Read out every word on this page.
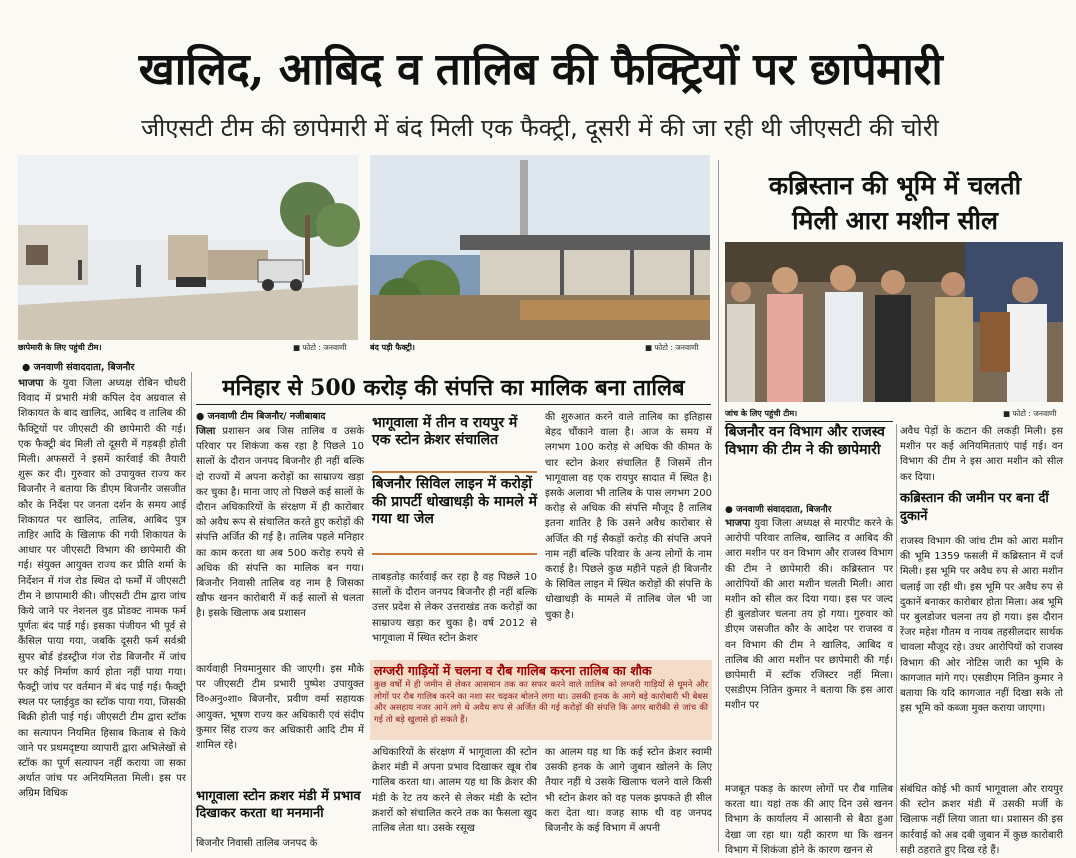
खालिद, आबिद व तालिब की फैक्ट्रियों पर छापेमारी
जीएसटी टीम की छापेमारी में बंद मिली एक फैक्ट्री, दूसरी में की जा रही थी जीएसटी की चोरी
छापेमारी के लिए पहुंची टीम।	■ फोटो : जनवाणी	बंद पड़ी फैक्ट्री।	■ फोटो : जनवाणी
कब्रिस्तान की भूमि में चलती
मिली आरा मशीन सील
जांच के लिए पहुंची टीम।	■ फोटो : जनवाणी
● जनवाणी संवाददाता, बिजनौर
भाजपा के युवा जिला अध्यक्ष रोबिन चौधरी विवाद में प्रभारी मंत्री कपिल देव अग्रवाल से शिकायत के बाद खालिद, आबिद व तालिब की फैक्ट्रियों पर जीएसटी की छापेमारी की गई। एक फैक्ट्री बंद मिली तो दूसरी में गड़बड़ी होती मिली। अफसरों ने इसमें कार्रवाई की तैयारी शुरू कर दी। गुरुवार को उपायुक्त राज्य कर बिजनौर ने बताया कि डीएम बिजनौर जसजीत कौर के निर्देश पर जनता दर्शन के समय आई शिकायत पर खालिद, तालिब, आबिद पुत्र ताहिर आदि के खिलाफ की गयी शिकायत के आधार पर जीएसटी विभाग की छापेमारी की गई। संयुक्त आयुक्त राज्य कर प्रीति शर्मा के निर्देशन में गंज रोड स्थित दो फर्मों में जीएसटी टीम ने छापामारी की। जीएसटी टीम द्वारा जांच किये जाने पर नेशनल वुड प्रोडक्ट नामक फर्म पूर्णतः बंद पाई गई। इसका पंजीयन भी पूर्व से कैंसिल पाया गया, जबकि दूसरी फर्म सर्वश्री सुपर बोर्ड इंडस्ट्रीज गंज रोड बिजनौर में जांच पर कोई निर्माण कार्य होता नहीं पाया गया। फैक्ट्री जांच पर वर्तमान में बंद पाई गई। फैक्ट्री स्थल पर प्लाईवुड का स्टॉक पाया गया, जिसकी बिक्री होती पाई गई। जीएसटी टीम द्वारा स्टॉक का सत्यापन नियमित हिसाब किताब से किये जाने पर प्रथमदृष्टया व्यापारी द्वारा अभिलेखों से स्टॉक का पूर्ण सत्यापन नहीं कराया जा सका अर्थात जांच पर अनियमितता मिली। इस पर अग्रिम विधिक
मनिहार से 500 करोड़ की संपत्ति का मालिक बना तालिब
● जनवाणी टीम बिजनौर/ नजीबाबाद
जिला प्रशासन अब जिस तालिब व उसके परिवार पर शिकंजा कस रहा है पिछले 10 सालों के दौरान जनपद बिजनौर ही नहीं बल्कि दो राज्यों में अपना करोड़ों का साम्राज्य खड़ा कर चुका है। माना जाए तो पिछले कई सालों के दौरान अधिकारियों के संरक्षण में ही कारोबार को अवैध रूप से संचालित करते हुए करोड़ों की संपत्ति अर्जित की गई है। तालिब पहले मनिहार का काम करता था अब 500 करोड़ रुपये से अधिक की संपत्ति का मालिक बन गया। बिजनौर निवासी तालिब वह नाम है जिसका खौफ खनन कारोबारी में कई सालों से चलता है। इसके खिलाफ अब प्रशासन
भागूवाला में तीन व रायपुर में एक स्टोन क्रेशर संचालित
बिजनौर सिविल लाइन में करोड़ों की प्रापर्टी धोखाधड़ी के मामले में गया था जेल
ताबड़तोड़ कार्रवाई कर रहा है वह पिछले 10 सालों के दौरान जनपद बिजनौर ही नहीं बल्कि उत्तर प्रदेश से लेकर उत्तराखंड तक करोड़ों का साम्राज्य खड़ा कर चुका है। वर्ष 2012 से भागूवाला में स्थित स्टोन क्रेशर
की शुरुआत करने वाले तालिब का इतिहास बेहद चौंकाने वाला है। आज के समय में लगभग 100 करोड़ से अधिक की कीमत के चार स्टोन क्रेशर संचालित हैं जिसमें तीन भागूवाला वह एक रायपुर सादात में स्थित है। इसके अलावा भी तालिब के पास लगभग 200 करोड़ से अधिक की संपत्ति मौजूद है तालिब इतना शातिर है कि उसने अवैध कारोबार से अर्जित की गई सैकड़ों करोड़ की संपत्ति अपने नाम नहीं बल्कि परिवार के अन्य लोगों के नाम कराई है। पिछले कुछ महीने पहले ही बिजनौर के सिविल लाइन में स्थित करोड़ों की संपत्ति के धोखाधड़ी के मामले में तालिब जेल भी जा चुका है।
कार्यवाही नियमानुसार की जाएगी। इस मौके पर जीएसटी टीम प्रभारी पुष्पेश उपायुक्त वि०अनु०शा० बिजनौर, प्रवीण वर्मा सहायक आयुक्त, भूषण राज्य कर अधिकारी एवं संदीप कुमार सिंह राज्य कर अधिकारी आदि टीम में शामिल रहे।
लग्जरी गाड़ियों में चलना व रौब गालिब करना तालिब का शौक
कुछ वर्षों में ही जमीन से लेकर आसमान तक का सफर करने वाले तालिब को लग्जरी गाड़ियों से घूमने और लोगों पर रौब गालिब करने का नशा सर चढ़कर बोलने लगा था। उसकी हनक के आगे बड़े कारोबारी भी बेबस और असहाय नजर आने लगे थे अवैध रूप से अर्जित की गई करोड़ों की संपत्ति कि अगर बारीकी से जांच की गई तो बड़े खुलासे हो सकते हैं।
भागूवाला स्टोन क्रशर मंडी में प्रभाव दिखाकर करता था मनमानी
बिजनौर निवासी तालिब जनपद के
अधिकारियों के संरक्षण में भागूवाला की स्टोन क्रेशर मंडी में अपना प्रभाव दिखाकर खूब रोब गालिब करता था। आलम यह था कि क्रेशर की मंडी के रेट तय करने से लेकर मंडी के स्टोन क्रशरों को संचालित करने तक का फैसला खुद तालिब लेता था। उसके रसूख
का आलम यह था कि कई स्टोन क्रेशर स्वामी उसकी हनक के आगे जुबान खोलने के लिए तैयार नहीं थे उसके खिलाफ चलने वाले किसी भी स्टोन क्रेशर को वह पलक झपकते ही सील करा देता था। वजह साफ थी वह जनपद बिजनौर के कई विभाग में अपनी
बिजनौर वन विभाग और राजस्व विभाग की टीम ने की छापेमारी
● जनवाणी संवाददाता, बिजनौर
भाजपा युवा जिला अध्यक्ष से मारपीट करने के आरोपी परिवार तालिब, खालिद व आबिद की आरा मशीन पर वन विभाग और राजस्व विभाग की टीम ने छापेमारी की। कब्रिस्तान पर आरोपियों की आरा मशीन चलती मिली। आरा मशीन को सील कर दिया गया। इस पर जल्द ही बुलडोजर चलना तय हो गया। गुरुवार को डीएम जसजीत कौर के आदेश पर राजस्व व वन विभाग की टीम ने खालिद, आबिद व तालिब की आरा मशीन पर छापेमारी की गई। छापेमारी में स्टॉक रजिस्टर नहीं मिला। एसडीएम नितिन कुमार ने बताया कि इस आरा मशीन पर
मजबूत पकड़ के कारण लोगों पर रौब गालिब करता था। यहां तक की आए दिन उसे खनन विभाग के कार्यालय में आसानी से बैठा हुआ देखा जा रहा था। यही कारण था कि खनन विभाग में शिकंजा होने के कारण खनन से
अवैध पेड़ों के कटान की लकड़ी मिली। इस मशीन पर कई अनियमितताएं पाई गई। वन विभाग की टीम ने इस आरा मशीन को सील कर दिया।
कब्रिस्तान की जमीन पर बना दीं दुकानें
राजस्व विभाग की जांच टीम को आरा मशीन की भूमि 1359 फसली में कब्रिस्तान में दर्ज मिली। इस भूमि पर अवैध रुप से आरा मशीन चलाई जा रही थी। इस भूमि पर अवैध रुप से दुकानें बनाकर कारोबार होता मिला। अब भूमि पर बुलडोजर चलना तय हो गया। इस दौरान रेंजर महेश गौतम व नायब तहसीलदार सार्थक चावला मौजूद रहे। उधर आरोपियों को राजस्व विभाग की ओर नोटिस जारी का भूमि के कागजात मांगे गए। एसडीएम नितिन कुमार ने बताया कि यदि कागजात नहीं दिखा सके तो इस भूमि को कब्जा मुक्त कराया जाएगा।
संबंधित कोई भी कार्य भागूवाला और रायपुर की स्टोन क्रशर मंडी में उसकी मर्जी के खिलाफ नहीं लिया जाता था। प्रशासन की इस कार्रवाई को अब दबी जुबान में कुछ कारोबारी सही ठहराते हुए दिख रहे हैं।
